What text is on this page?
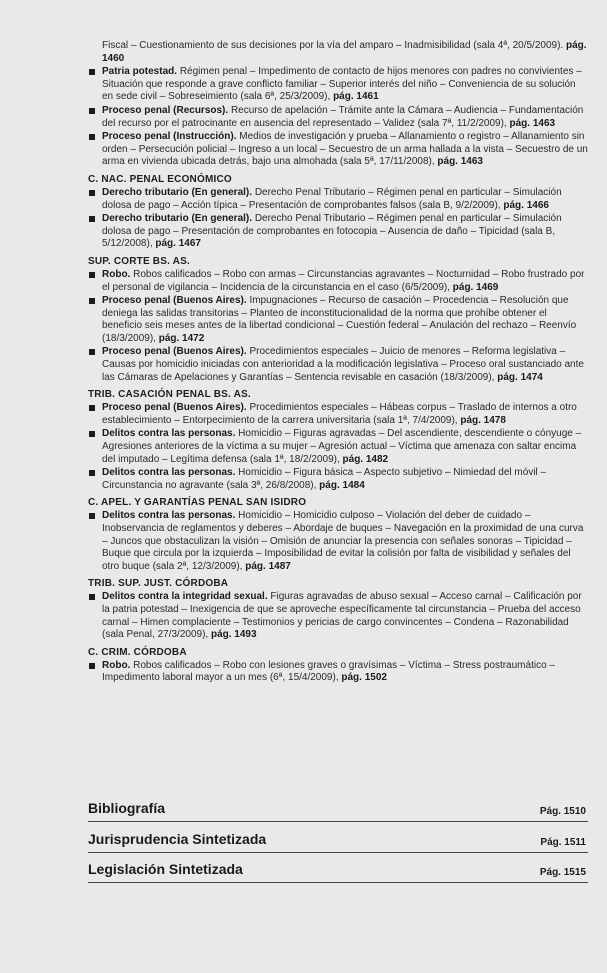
Fiscal – Cuestionamiento de sus decisiones por la vía del amparo – Inadmisibilidad (sala 4ª, 20/5/2009). pág. 1460
Patria potestad. Régimen penal – Impedimento de contacto de hijos menores con padres no convivientes – Situación que responde a grave conflicto familiar – Superior interés del niño – Conveniencia de su solución en sede civil – Sobreseimiento (sala 6ª, 25/3/2009), pág. 1461
Proceso penal (Recursos). Recurso de apelación – Trámite ante la Cámara – Audiencia – Fundamentación del recurso por el patrocinante en ausencia del representado – Validez (sala 7ª, 11/2/2009), pág. 1463
Proceso penal (Instrucción). Medios de investigación y prueba – Allanamiento o registro – Allanamiento sin orden – Persecución policial – Ingreso a un local – Secuestro de un arma hallada a la vista – Secuestro de un arma en vivienda ubicada detrás, bajo una almohada (sala 5ª, 17/11/2008), pág. 1463
C. NAC. PENAL ECONÓMICO
Derecho tributario (En general). Derecho Penal Tributario – Régimen penal en particular – Simulación dolosa de pago – Acción típica – Presentación de comprobantes falsos (sala B, 9/2/2009), pág. 1466
Derecho tributario (En general). Derecho Penal Tributario – Régimen penal en particular – Simulación dolosa de pago – Presentación de comprobantes en fotocopia – Ausencia de daño – Tipicidad (sala B, 5/12/2008), pág. 1467
SUP. CORTE BS. AS.
Robo. Robos calificados – Robo con armas – Circunstancias agravantes – Nocturnidad – Robo frustrado por el personal de vigilancia – Incidencia de la circunstancia en el caso (6/5/2009), pág. 1469
Proceso penal (Buenos Aires). Impugnaciones – Recurso de casación – Procedencia – Resolución que deniega las salidas transitorias – Planteo de inconstitucionalidad de la norma que prohíbe obtener el beneficio seis meses antes de la libertad condicional – Cuestión federal – Anulación del rechazo – Reenvío (18/3/2009), pág. 1472
Proceso penal (Buenos Aires). Procedimientos especiales – Juicio de menores – Reforma legislativa – Causas por homicidio iniciadas con anterioridad a la modificación legislativa – Proceso oral sustanciado ante las Cámaras de Apelaciones y Garantías – Sentencia revisable en casación (18/3/2009), pág. 1474
TRIB. CASACIÓN PENAL BS. AS.
Proceso penal (Buenos Aires). Procedimientos especiales – Hábeas corpus – Traslado de internos a otro establecimiento – Entorpecimiento de la carrera universitaria (sala 1ª, 7/4/2009), pág. 1478
Delitos contra las personas. Homicidio – Figuras agravadas – Del ascendiente, descendiente o cónyuge – Agresiones anteriores de la víctima a su mujer – Agresión actual – Víctima que amenaza con saltar encima del imputado – Legítima defensa (sala 1ª, 18/2/2009), pág. 1482
Delitos contra las personas. Homicidio – Figura básica – Aspecto subjetivo – Nimiedad del móvil – Circunstancia no agravante (sala 3ª, 26/8/2008), pág. 1484
C. APEL. Y GARANTÍAS PENAL SAN ISIDRO
Delitos contra las personas. Homicidio – Homicidio culposo – Violación del deber de cuidado – Inobservancia de reglamentos y deberes – Abordaje de buques – Navegación en la proximidad de una curva – Juncos que obstaculizan la visión – Omisión de anunciar la presencia con señales sonoras – Tipicidad – Buque que circula por la izquierda – Imposibilidad de evitar la colisión por falta de visibilidad y señales del otro buque (sala 2ª, 12/3/2009), pág. 1487
TRIB. SUP. JUST. CÓRDOBA
Delitos contra la integridad sexual. Figuras agravadas de abuso sexual – Acceso carnal – Calificación por la patria potestad – Inexigencia de que se aproveche específicamente tal circunstancia – Prueba del acceso carnal – Himen complaciente – Testimonios y pericias de cargo convincentes – Condena – Razonabilidad (sala Penal, 27/3/2009), pág. 1493
C. CRIM. CÓRDOBA
Robo. Robos calificados – Robo con lesiones graves o gravísimas – Víctima – Stress postraumático – Impedimento laboral mayor a un mes (6ª, 15/4/2009), pág. 1502
Bibliografía	Pág. 1510
Jurisprudencia Sintetizada	Pág. 1511
Legislación Sintetizada	Pág. 1515
